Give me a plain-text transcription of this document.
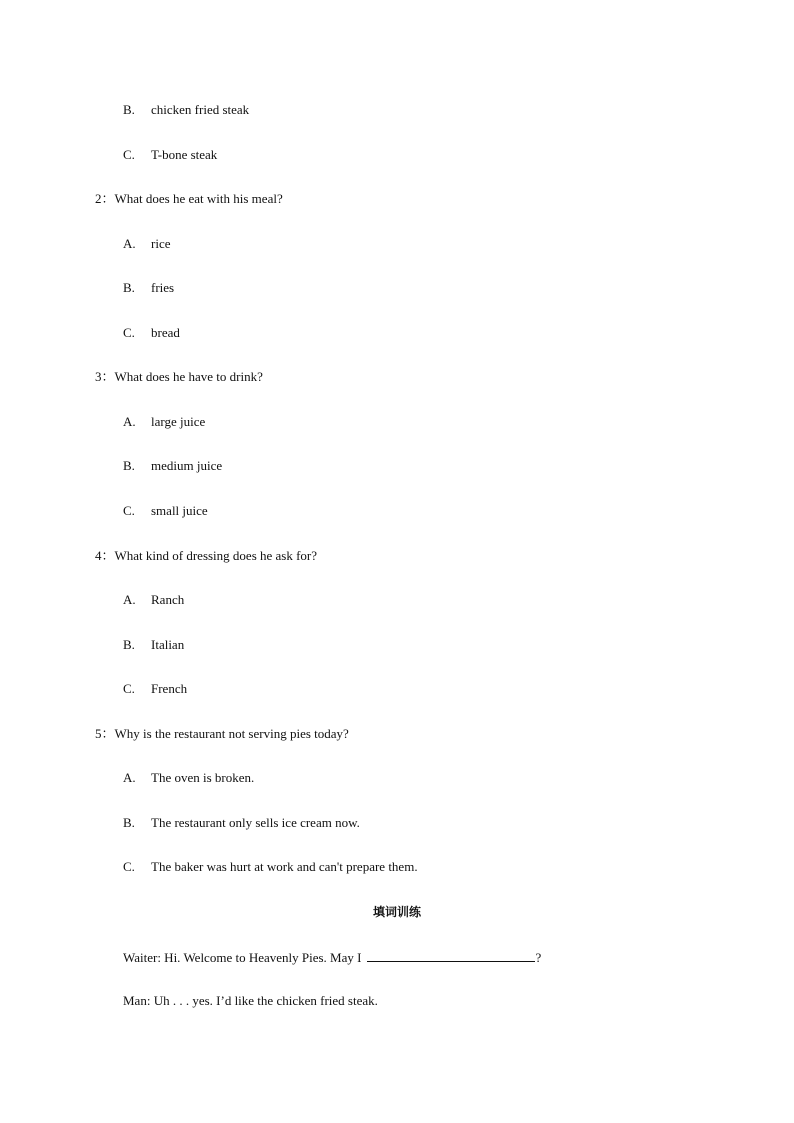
B. chicken fried steak
C. T-bone steak
2：What does he eat with his meal?
A. rice
B. fries
C. bread
3：What does he have to drink?
A. large juice
B. medium juice
C. small juice
4：What kind of dressing does he ask for?
A. Ranch
B. Italian
C. French
5：Why is the restaurant not serving pies today?
A. The oven is broken.
B. The restaurant only sells ice cream now.
C. The baker was hurt at work and can't prepare them.
填词训练
Waiter: Hi. Welcome to Heavenly Pies. May I	?
Man: Uh . . . yes. I’d like the chicken fried steak.
